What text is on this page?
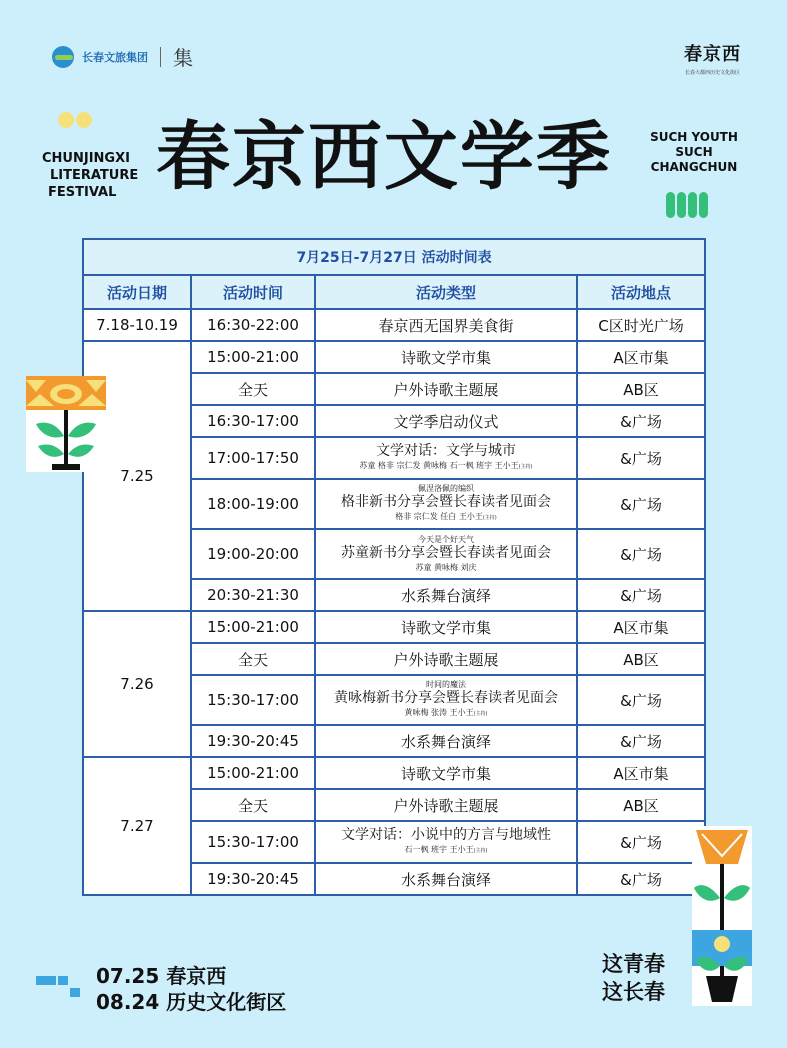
长春文旅集团 集	春京西
长春大都西历史文化街区
CHUNJINGXI
LITERATURE
FESTIVAL 春京西文学季	SUCH YOUTH
SUCH
CHANGCHUN
7月25日-7月27日 活动时间表			
活动日期	活动时间	活动类型	活动地点
7.18-10.19	16:30-22:00	春京西无国界美食街	C区时光广场
7.25	15:00-21:00	诗歌文学市集	A区市集
	全天	户外诗歌主题展	AB区
	16:30-17:00	文学季启动仪式	&广场
	17:00-17:50	文学对话：文学与城市
苏童 格非 宗仁发 黄咏梅 石一枫 班宇 王小王(主持)	&广场
	18:00-19:00	佩涅洛佩的编织
格非新书分享会暨长春读者见面会
格非 宗仁发 任白 王小王(主持)	&广场
	19:00-20:00	今天是个好天气
苏童新书分享会暨长春读者见面会
苏童 黄咏梅 刘庆	&广场
	20:30-21:30	水系舞台演绎	&广场
7.26	15:00-21:00	诗歌文学市集	A区市集
	全天	户外诗歌主题展	AB区
	15:30-17:00	时间的魔法
黄咏梅新书分享会暨长春读者见面会
黄咏梅 张涛 王小王(主持)	&广场
	19:30-20:45	水系舞台演绎	&广场
7.27	15:00-21:00	诗歌文学市集	A区市集
	全天	户外诗歌主题展	AB区
	15:30-17:00	文学对话：小说中的方言与地域性
石一枫 班宇 王小王(主持)	&广场
	19:30-20:45	水系舞台演绎	&广场
07.25 春京西
08.24 历史文化街区
这青春
这长春
